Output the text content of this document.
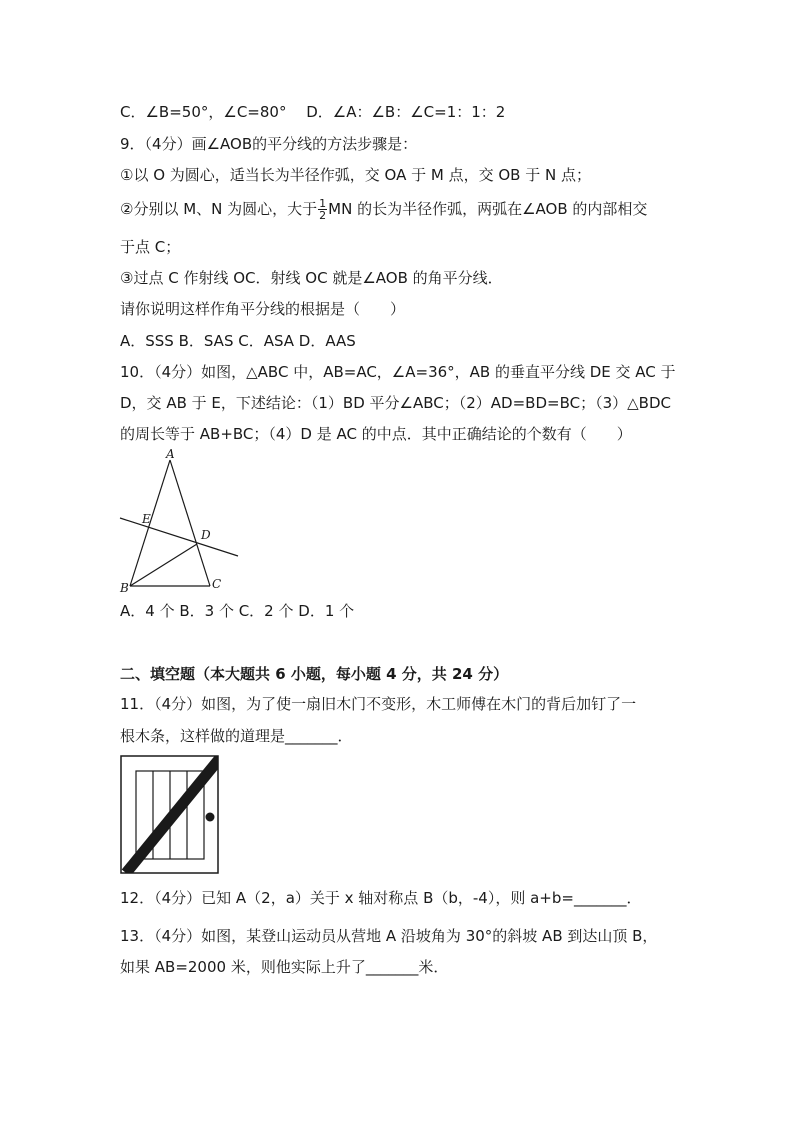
C．∠B=50°，∠C=80°　 D．∠A：∠B：∠C=1：1：2
9．（4分）画∠AOB的平分线的方法步骤是：
①以 O 为圆心，适当长为半径作弧，交 OA 于 M 点，交 OB 于 N 点；
②分别以 M、N 为圆心，大于 $\frac{1}{2}$ MN 的长为半径作弧，两弧在∠AOB 的内部相交
于点 C；
③过点 C 作射线 OC．射线 OC 就是∠AOB 的角平分线．
请你说明这样作角平分线的根据是（　　）
A．SSS B．SAS C．ASA D．AAS
10．（4分）如图，△ABC 中，AB=AC，∠A=36°，AB 的垂直平分线 DE 交 AC 于
D，交 AB 于 E，下述结论：（1）BD 平分∠ABC；（2）AD=BD=BC；（3）△BDC
的周长等于 AB+BC；（4）D 是 AC 的中点．其中正确结论的个数有（　　）
A
E
D
B	C
A．4 个 B．3 个 C．2 个 D．1 个
二、填空题（本大题共 6 小题，每小题 4 分，共 24 分）
11．（4分）如图，为了使一扇旧木门不变形，木工师傅在木门的背后加钉了一
根木条，这样做的道理是_______．
12．（4分）已知 A（2，a）关于 x 轴对称点 B（b，-4），则 a+b=_______．
13．（4分）如图，某登山运动员从营地 A 沿坡角为 30°的斜坡 AB 到达山顶 B，
如果 AB=2000 米，则他实际上升了_______米．
